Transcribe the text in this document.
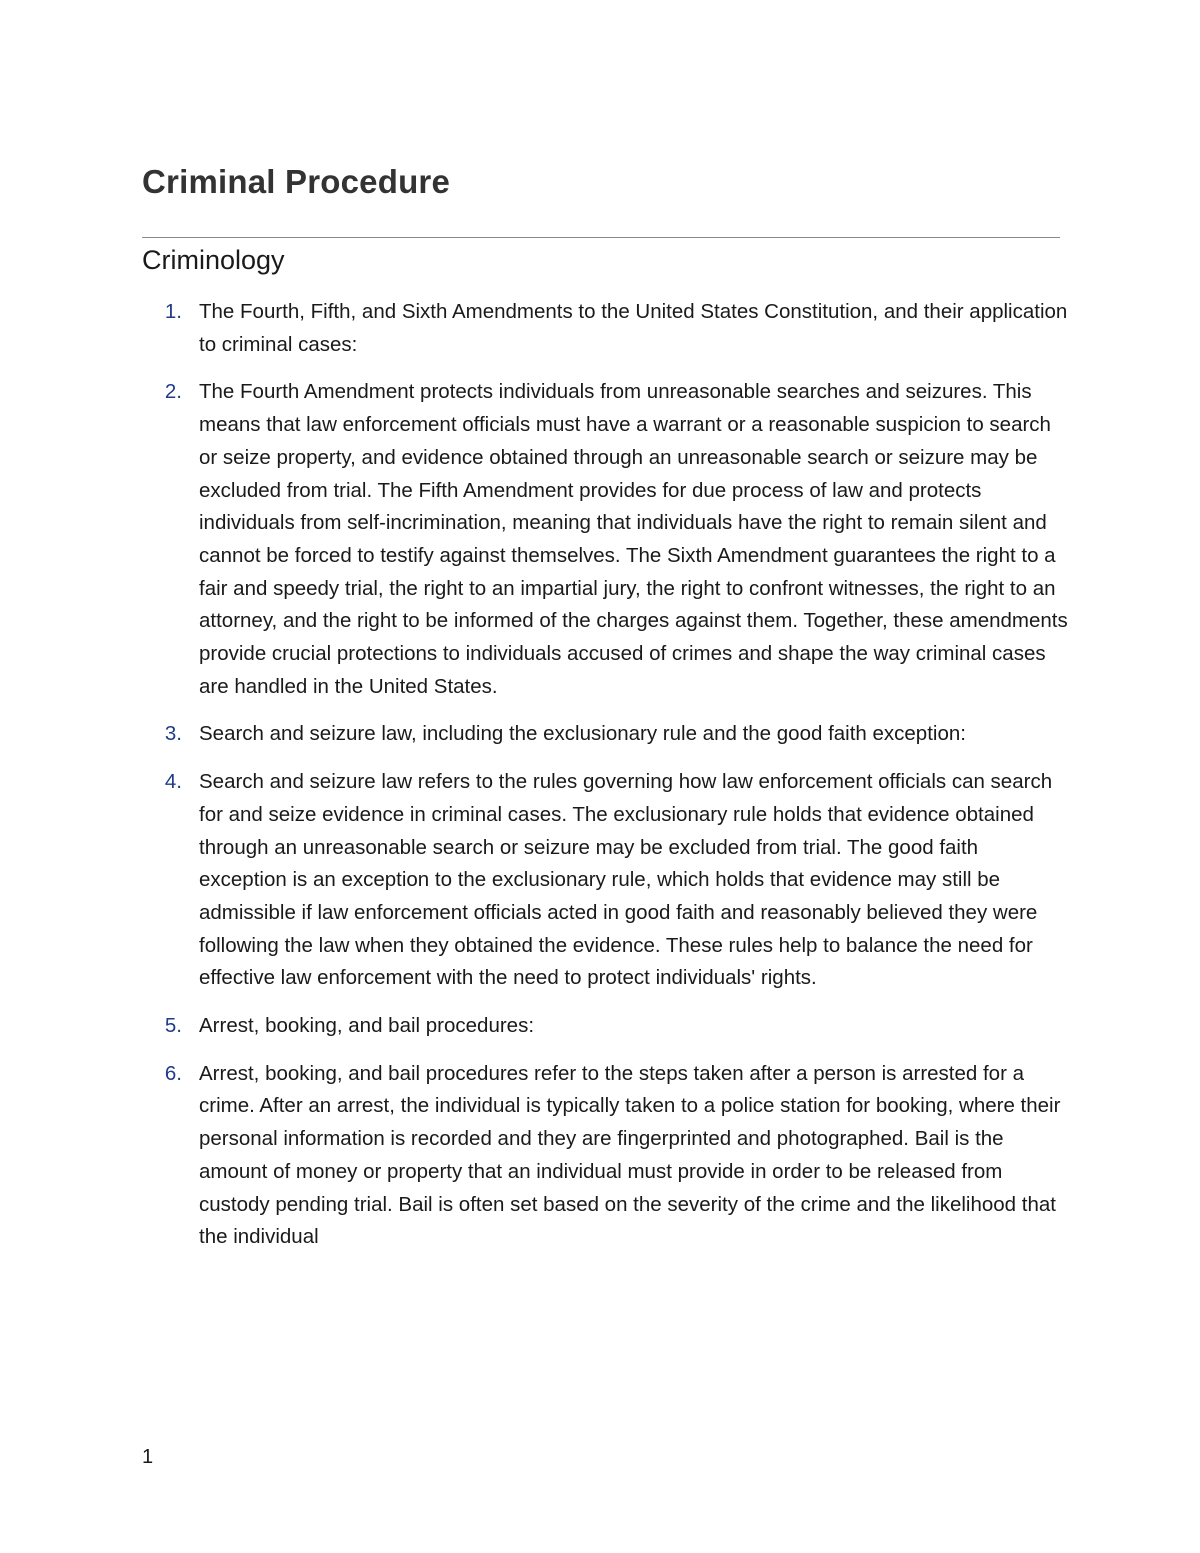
Criminal Procedure
Criminology
1. The Fourth, Fifth, and Sixth Amendments to the United States Constitution, and their application to criminal cases:
2. The Fourth Amendment protects individuals from unreasonable searches and seizures. This means that law enforcement officials must have a warrant or a reasonable suspicion to search or seize property, and evidence obtained through an unreasonable search or seizure may be excluded from trial. The Fifth Amendment provides for due process of law and protects individuals from self-incrimination, meaning that individuals have the right to remain silent and cannot be forced to testify against themselves. The Sixth Amendment guarantees the right to a fair and speedy trial, the right to an impartial jury, the right to confront witnesses, the right to an attorney, and the right to be informed of the charges against them. Together, these amendments provide crucial protections to individuals accused of crimes and shape the way criminal cases are handled in the United States.
3. Search and seizure law, including the exclusionary rule and the good faith exception:
4. Search and seizure law refers to the rules governing how law enforcement officials can search for and seize evidence in criminal cases. The exclusionary rule holds that evidence obtained through an unreasonable search or seizure may be excluded from trial. The good faith exception is an exception to the exclusionary rule, which holds that evidence may still be admissible if law enforcement officials acted in good faith and reasonably believed they were following the law when they obtained the evidence. These rules help to balance the need for effective law enforcement with the need to protect individuals' rights.
5. Arrest, booking, and bail procedures:
6. Arrest, booking, and bail procedures refer to the steps taken after a person is arrested for a crime. After an arrest, the individual is typically taken to a police station for booking, where their personal information is recorded and they are fingerprinted and photographed. Bail is the amount of money or property that an individual must provide in order to be released from custody pending trial. Bail is often set based on the severity of the crime and the likelihood that the individual
1
